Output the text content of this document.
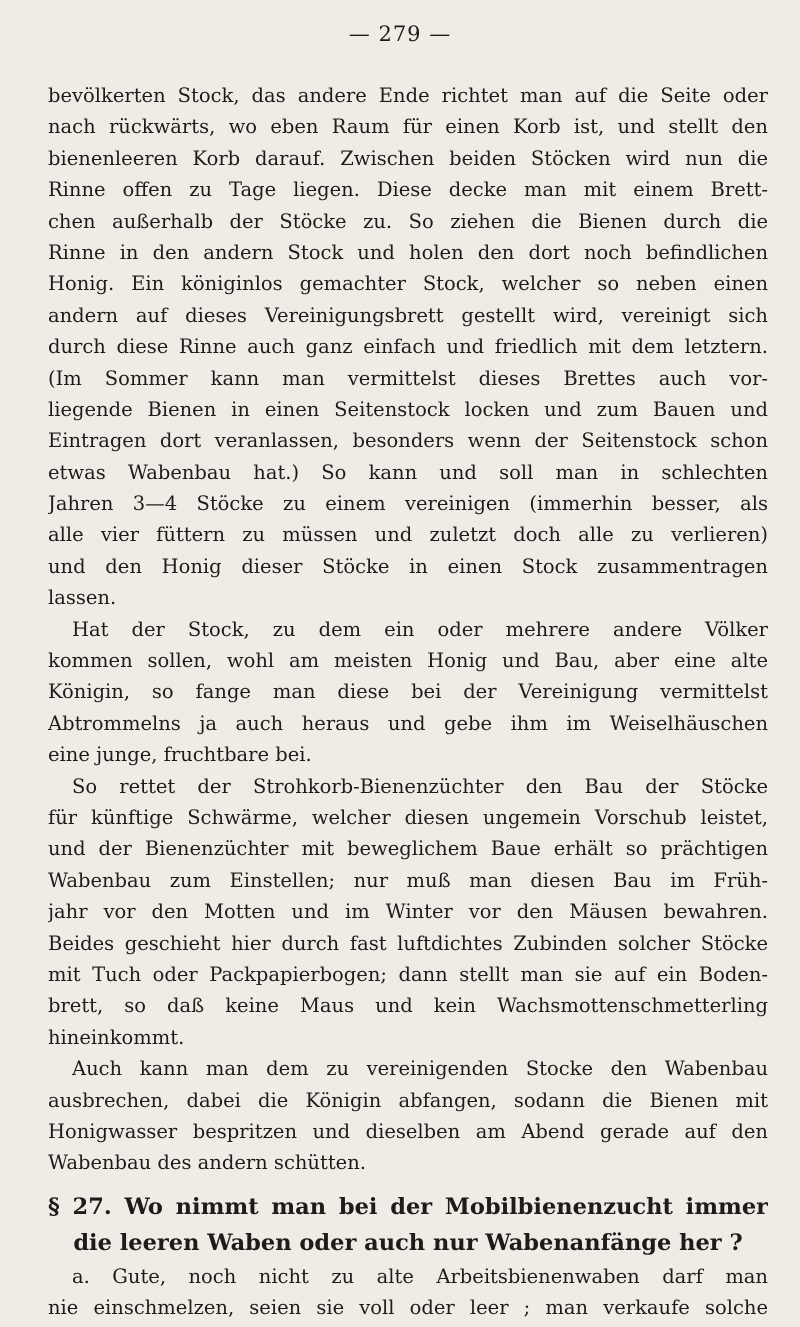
— 279 —
bevölkerten Stock, das andere Ende richtet man auf die Seite oder
nach rückwärts, wo eben Raum für einen Korb ist, und stellt den
bienenleeren Korb darauf. Zwischen beiden Stöcken wird nun die
Rinne offen zu Tage liegen. Diese decke man mit einem Brett-
chen außerhalb der Stöcke zu. So ziehen die Bienen durch die
Rinne in den andern Stock und holen den dort noch befindlichen
Honig. Ein königinlos gemachter Stock, welcher so neben einen
andern auf dieses Vereinigungsbrett gestellt wird, vereinigt sich
durch diese Rinne auch ganz einfach und friedlich mit dem letztern.
(Im Sommer kann man vermittelst dieses Brettes auch vor-
liegende Bienen in einen Seitenstock locken und zum Bauen und
Eintragen dort veranlassen, besonders wenn der Seitenstock schon
etwas Wabenbau hat.) So kann und soll man in schlechten
Jahren 3—4 Stöcke zu einem vereinigen (immerhin besser, als
alle vier füttern zu müssen und zuletzt doch alle zu verlieren)
und den Honig dieser Stöcke in einen Stock zusammentragen
lassen.
Hat der Stock, zu dem ein oder mehrere andere Völker
kommen sollen, wohl am meisten Honig und Bau, aber eine alte
Königin, so fange man diese bei der Vereinigung vermittelst
Abtrommelns ja auch heraus und gebe ihm im Weiselhäuschen
eine junge, fruchtbare bei.
So rettet der Strohkorb-Bienenzüchter den Bau der Stöcke
für künftige Schwärme, welcher diesen ungemein Vorschub leistet,
und der Bienenzüchter mit beweglichem Baue erhält so prächtigen
Wabenbau zum Einstellen; nur muß man diesen Bau im Früh-
jahr vor den Motten und im Winter vor den Mäusen bewahren.
Beides geschieht hier durch fast luftdichtes Zubinden solcher Stöcke
mit Tuch oder Packpapierbogen; dann stellt man sie auf ein Boden-
brett, so daß keine Maus und kein Wachsmottenschmetterling
hineinkommt.
Auch kann man dem zu vereinigenden Stocke den Wabenbau
ausbrechen, dabei die Königin abfangen, sodann die Bienen mit
Honigwasser bespritzen und dieselben am Abend gerade auf den
Wabenbau des andern schütten.
§ 27. Wo nimmt man bei der Mobilbienenzucht immer
die leeren Waben oder auch nur Wabenanfänge her ?
a. Gute, noch nicht zu alte Arbeitsbienenwaben darf man
nie einschmelzen, seien sie voll oder leer ; man verkaufe solche
